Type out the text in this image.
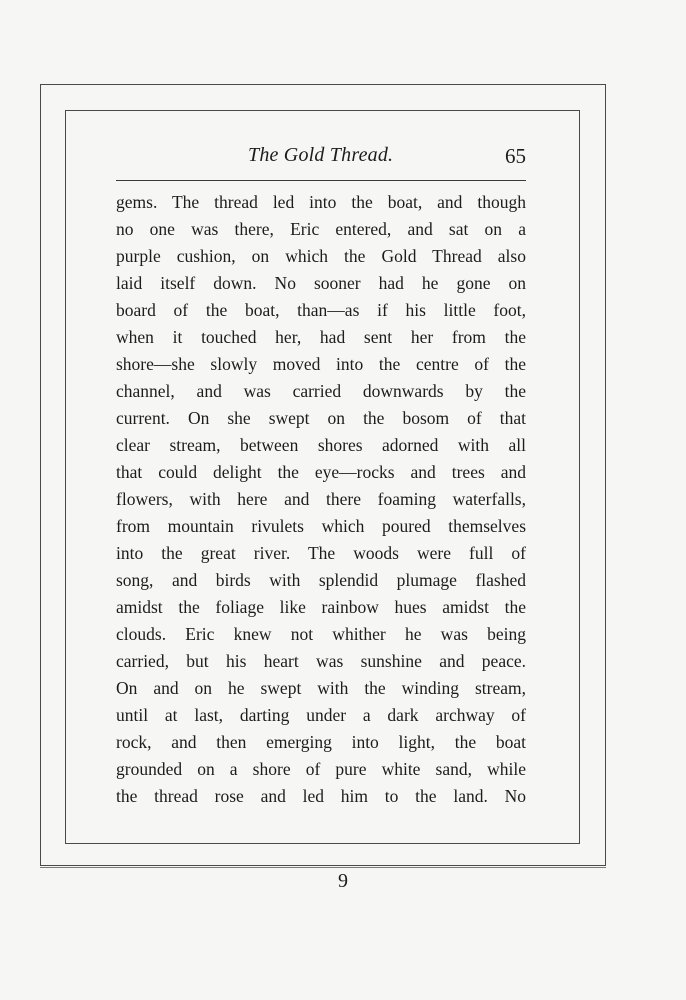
The Gold Thread.	65
gems. The thread led into the boat, and though
no one was there, Eric entered, and sat on a
purple cushion, on which the Gold Thread also
laid itself down. No sooner had he gone on
board of the boat, than—as if his little foot,
when it touched her, had sent her from the
shore—she slowly moved into the centre of the
channel, and was carried downwards by the
current. On she swept on the bosom of that
clear stream, between shores adorned with all
that could delight the eye—rocks and trees and
flowers, with here and there foaming waterfalls,
from mountain rivulets which poured themselves
into the great river. The woods were full of
song, and birds with splendid plumage flashed
amidst the foliage like rainbow hues amidst the
clouds. Eric knew not whither he was being
carried, but his heart was sunshine and peace.
On and on he swept with the winding stream,
until at last, darting under a dark archway of
rock, and then emerging into light, the boat
grounded on a shore of pure white sand, while
the thread rose and led him to the land. No
9
